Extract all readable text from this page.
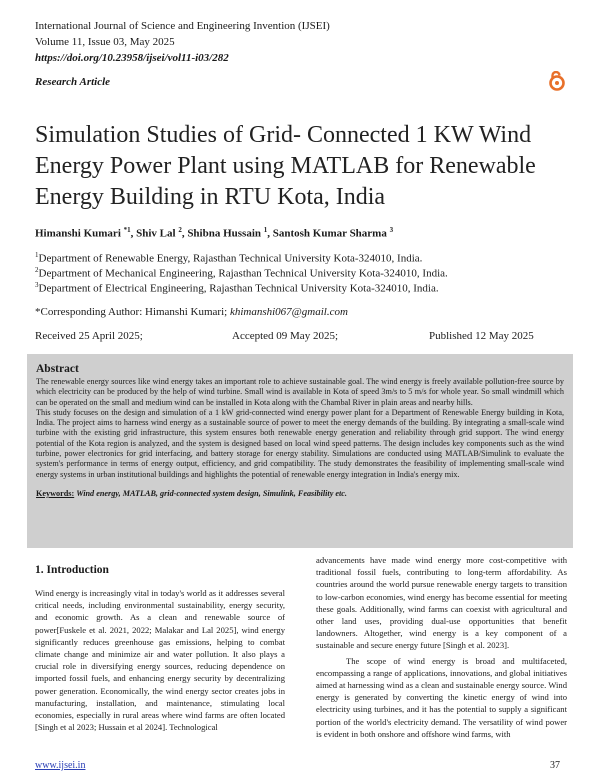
International Journal of Science and Engineering Invention (IJSEI)
Volume 11, Issue 03, May 2025
https://doi.org/10.23958/ijsei/vol11-i03/282
Research Article
Simulation Studies of Grid- Connected 1 KW Wind Energy Power Plant using MATLAB for Renewable Energy Building in RTU Kota, India
Himanshi Kumari $^{*1}$, Shiv Lal $^2$, Shibna Hussain $^1$, Santosh Kumar Sharma $^3$
$^1$Department of Renewable Energy, Rajasthan Technical University Kota-324010, India.
$^2$Department of Mechanical Engineering, Rajasthan Technical University Kota-324010, India.
$^3$Department of Electrical Engineering, Rajasthan Technical University Kota-324010, India.
*Corresponding Author: Himanshi Kumari; khimanshi067@gmail.com
Received 25 April 2025;	Accepted 09 May 2025;	Published 12 May 2025
Abstract

The renewable energy sources like wind energy takes an important role to achieve sustainable goal. The wind energy is freely available pollution-free source by which electricity can be produced by the help of wind turbine. Small wind is available in Kota of speed 3m/s to 5 m/s for whole year. So small windmill which can be operated on the small and medium wind can be installed in Kota along with the Chambal River in plain areas and nearby hills.

This study focuses on the design and simulation of a 1 kW grid-connected wind energy power plant for a Department of Renewable Energy building in Kota, India. The project aims to harness wind energy as a sustainable source of power to meet the energy demands of the building. By integrating a small-scale wind turbine with the existing grid infrastructure, this system ensures both renewable energy generation and reliability through grid support. The wind energy potential of the Kota region is analyzed, and the system is designed based on local wind speed patterns. The design includes key components such as the wind turbine, power electronics for grid interfacing, and battery storage for energy stability. Simulations are conducted using MATLAB/Simulink to evaluate the system's performance in terms of energy output, efficiency, and grid compatibility. The study demonstrates the feasibility of implementing small-scale wind energy systems in urban institutional buildings and highlights the potential of renewable energy integration in India's energy mix.

Keywords: Wind energy, MATLAB, grid-connected system design, Simulink, Feasibility etc.
1. Introduction

Wind energy is increasingly vital in today's world as it addresses several critical needs, including environmental sustainability, energy security, and economic growth. As a clean and renewable source of power[Fuskele et al. 2021, 2022; Malakar and Lal 2025], wind energy significantly reduces greenhouse gas emissions, helping to combat climate change and minimize air and water pollution. It also plays a crucial role in diversifying energy sources, reducing dependence on imported fossil fuels, and enhancing energy security by decentralizing power generation. Economically, the wind energy sector creates jobs in manufacturing, installation, and maintenance, stimulating local economies, especially in rural areas where wind farms are often located [Singh et al 2023; Hussain et al 2024]. Technological

advancements have made wind energy more cost-competitive with traditional fossil fuels, contributing to long-term affordability. As countries around the world pursue renewable energy targets to transition to low-carbon economies, wind energy has become essential for meeting these goals. Additionally, wind farms can coexist with agricultural and other land uses, providing dual-use opportunities that benefit landowners. Altogether, wind energy is a key component of a sustainable and secure energy future [Singh et al. 2023].

The scope of wind energy is broad and multifaceted, encompassing a range of applications, innovations, and global initiatives aimed at harnessing wind as a clean and sustainable energy source. Wind energy is generated by converting the kinetic energy of wind into electricity using turbines, and it has the potential to supply a significant portion of the world's electricity demand. The versatility of wind power is evident in both onshore and offshore wind farms, with

www.ijsei.in	37
